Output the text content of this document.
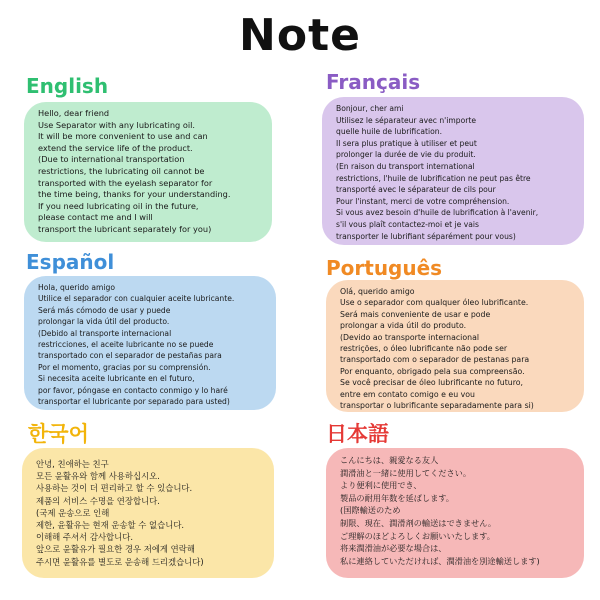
Note
English
Hello, dear friend
Use Separator with any lubricating oil.
It will be more convenient to use and can
extend the service life of the product.
(Due to international transportation
restrictions, the lubricating oil cannot be
transported with the eyelash separator for
the time being, thanks for your understanding.
If you need lubricating oil in the future,
please contact me and I will
transport the lubricant separately for you)
Français
Bonjour, cher ami
Utilisez le séparateur avec n'importe
quelle huile de lubrification.
Il sera plus pratique à utiliser et peut
prolonger la durée de vie du produit.
(En raison du transport international
restrictions, l'huile de lubrification ne peut pas être
transporté avec le séparateur de cils pour
Pour l'instant, merci de votre compréhension.
Si vous avez besoin d'huile de lubrification à l'avenir,
s'il vous plaît contactez-moi et je vais
transporter le lubrifiant séparément pour vous)
Español
Hola, querido amigo
Utilice el separador con cualquier aceite lubricante.
Será más cómodo de usar y puede
prolongar la vida útil del producto.
(Debido al transporte internacional
restricciones, el aceite lubricante no se puede
transportado con el separador de pestañas para
Por el momento, gracias por su comprensión.
Si necesita aceite lubricante en el futuro,
por favor, póngase en contacto conmigo y lo haré
transportar el lubricante por separado para usted)
Português
Olá, querido amigo
Use o separador com qualquer óleo lubrificante.
Será mais conveniente de usar e pode
prolongar a vida útil do produto.
(Devido ao transporte internacional
restrições, o óleo lubrificante não pode ser
transportado com o separador de pestanas para
Por enquanto, obrigado pela sua compreensão.
Se você precisar de óleo lubrificante no futuro,
entre em contato comigo e eu vou
transportar o lubrificante separadamente para si)
한국어
안녕, 친애하는 친구
모든 윤활유와 함께 사용하십시오.
사용하는 것이 더 편리하고 할 수 있습니다.
제품의 서비스 수명을 연장합니다.
(국제 운송으로 인해
제한, 윤활유는 현재 운송할 수 없습니다.
이해해 주셔서 감사합니다.
앞으로 윤활유가 필요한 경우 저에게 연락해
주시면 윤활유를 별도로 운송해 드리겠습니다)
日本語
こんにちは、親愛なる友人
潤滑油と一緒に使用してください。
より便利に使用でき、
製品の耐用年数を延ばします。
(国際輸送のため
制限、現在、潤滑剤の輸送はできません。
ご理解のほどよろしくお願いいたします。
将来潤滑油が必要な場合は、
私に連絡していただければ、潤滑油を別途輸送します)
